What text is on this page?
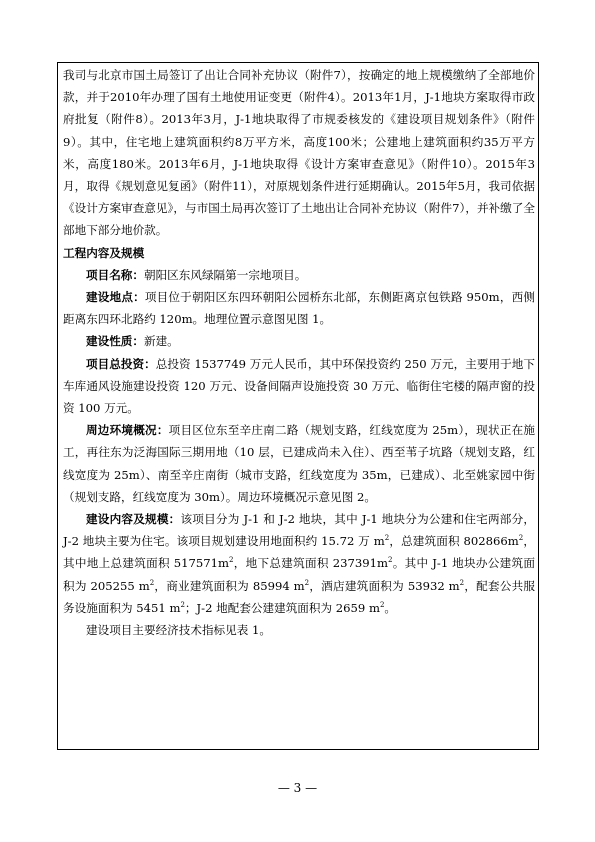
我司与北京市国土局签订了出让合同补充协议（附件7），按确定的地上规模缴纳了全部地价款，并于2010年办理了国有土地使用证变更（附件4）。2013年1月，J-1地块方案取得市政府批复（附件8）。2013年3月，J-1地块取得了市规委核发的《建设项目规划条件》（附件9）。其中，住宅地上建筑面积约8万平方米，高度100米；公建地上建筑面积约35万平方米，高度180米。2013年6月，J-1地块取得《设计方案审查意见》（附件10）。2015年3月，取得《规划意见复函》（附件11），对原规划条件进行延期确认。2015年5月，我司依据《设计方案审查意见》，与市国土局再次签订了土地出让合同补充协议（附件7），并补缴了全部地下部分地价款。

工程内容及规模

项目名称：朝阳区东风绿隔第一宗地项目。

建设地点：项目位于朝阳区东四环朝阳公园桥东北部，东侧距离京包铁路 950m，西侧距离东四环北路约 120m。地理位置示意图见图 1。

建设性质：新建。

项目总投资：总投资 1537749 万元人民币，其中环保投资约 250 万元，主要用于地下车库通风设施建设投资 120 万元、设备间隔声设施投资 30 万元、临街住宅楼的隔声窗的投资 100 万元。

周边环境概况：项目区位东至辛庄南二路（规划支路，红线宽度为 25m），现状正在施工，再往东为泛海国际三期用地（10 层，已建成尚未入住）、西至苇子坑路（规划支路，红线宽度为 25m）、南至辛庄南街（城市支路，红线宽度为 35m，已建成）、北至姚家园中街（规划支路，红线宽度为 30m）。周边环境概况示意见图 2。

建设内容及规模：该项目分为 J-1 和 J-2 地块，其中 J-1 地块分为公建和住宅两部分，J-2 地块主要为住宅。该项目规划建设用地面积约 15.72 万 $m^2$，总建筑面积 $802866m^2$，其中地上总建筑面积 $517571m^2$，地下总建筑面积 $237391m^2$。其中 J-1 地块办公建筑面积为 205255 $m^2$，商业建筑面积为 85994 $m^2$，酒店建筑面积为 53932 $m^2$，配套公共服务设施面积为 5451 $m^2$；J-2 地配套公建建筑面积为 2659 $m^2$。

建设项目主要经济技术指标见表 1。

— 3 —
